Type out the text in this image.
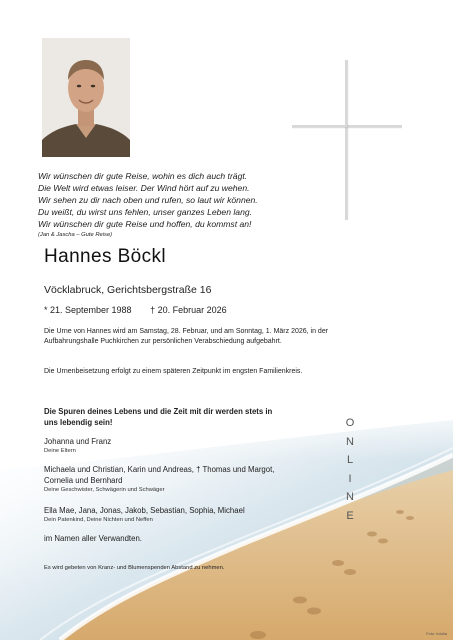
Wir wünschen dir gute Reise, wohin es dich auch trägt.
Die Welt wird etwas leiser. Der Wind hört auf zu wehen.
Wir sehen zu dir nach oben und rufen, so laut wir können.
Du weißt, du wirst uns fehlen, unser ganzes Leben lang.
Wir wünschen dir gute Reise und hoffen, du kommst an!
(Jan & Jascha – Gute Reise)
Hannes Böckl
Vöcklabruck, Gerichtsbergstraße 16
* 21. September 1988 † 20. Februar 2026
Die Urne von Hannes wird am Samstag, 28. Februar, und am Sonntag, 1. März 2026, in der Aufbahrungshalle Puchkirchen zur persönlichen Verabschiedung aufgebahrt.
Die Urnenbeisetzung erfolgt zu einem späteren Zeitpunkt im engsten Familienkreis.
Die Spuren deines Lebens und die Zeit mit dir werden stets in uns lebendig sein!
Johanna und Franz
Deine Eltern
Michaela und Christian, Karin und Andreas, † Thomas und Margot, Cornelia und Bernhard
Deine Geschwister, Schwägerin und Schwäger
Ella Mae, Jana, Jonas, Jakob, Sebastian, Sophia, Michael
Dein Patenkind, Deine Nichten und Neffen
im Namen aller Verwandten.
Es wird gebeten von Kranz- und Blumenspenden Abstand zu nehmen.
O
N
L
I
N
E
Foto: fotolia
